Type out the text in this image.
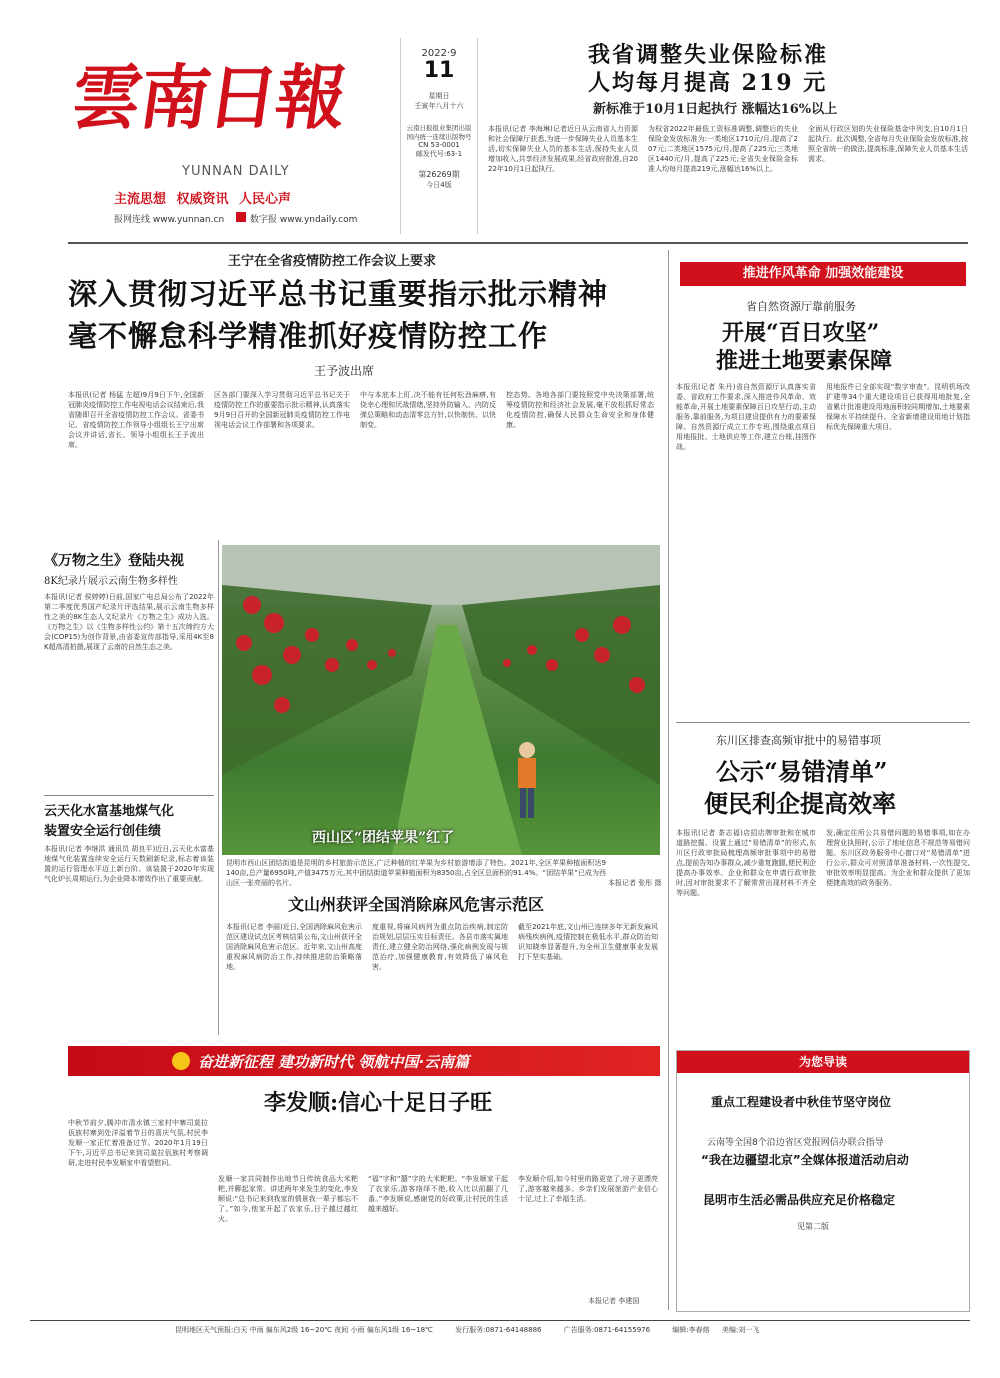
雲南日報
YUNNAN DAILY
主流思想 权威资讯 人民心声
报网连线 www.yunnan.cn	数字报 www.yndaily.com
2022·9
11
星期日
壬寅年八月十六
云南日报报业集团出版
国内统一连续出版物号
CN 53-0001
邮发代号:63-1
第26269期
今日4版
我省调整失业保险标准
人均每月提高 219 元
新标准于10月1日起执行 涨幅达16%以上
本报讯(记者 李海琳)记者近日从云南省人力资源和社会保障厅获悉,为进一步保障失业人员基本生活,切实保障失业人员的基本生活,保持失业人员增加收入,共享经济发展成果,经省政府批准,自2022年10月1日起执行。
为权省2022年最低工资标准调整,调整后的失业保险金发放标准为:一类地区1710元/月,提高了207元;二类地区1575元/月,提高了225元;三类地区1440元/月,提高了225元;全省失业保险金标准人均每月提高219元,涨幅达16%以上。
全面从行政区划的失业保险基金中列支,自10月1日起执行。此次调整,全省每月失业保险金发放标准,按照全省统一的做法,提高标准,保障失业人员基本生活需求。
王宁在全省疫情防控工作会议上要求
深入贯彻习近平总书记重要指示批示精神
毫不懈怠科学精准抓好疫情防控工作
王予波出席
本报讯(记者 杨猛 左超)9月9日下午,全国新冠肺炎疫情防控工作电视电话会议结束后,我省随即召开全省疫情防控工作会议。省委书记、省疫情防控工作领导小组组长王宁出席会议并讲话,省长、领导小组组长王予波出席。
区各部门要深入学习贯彻习近平总书记关于疫情防控工作的重要指示批示精神,认真落实9月9日召开的全国新冠肺炎疫情防控工作电视电话会议工作部署和各项要求。
中与本底本上盯,决不能有任何松劲麻痹,有侥幸心理和厌战情绪,坚持外防输入、内防反弹总策略和动态清零总方针,以快制快、以快制变。
控态势。各地各部门要按照党中央决策部署,统筹疫情防控和经济社会发展,毫不放松抓好常态化疫情防控,确保人民群众生命安全和身体健康。
推进作风革命 加强效能建设
省自然资源厅靠前服务
开展“百日攻坚”
推进土地要素保障
本报讯(记者 朱丹)省自然资源厅认真落实省委、省政府工作要求,深入推进作风革命、效能革命,开展土地要素保障百日攻坚行动,主动服务,靠前服务,为项目建设提供有力的要素保障。自然资源厅成立工作专班,围绕重点项目用地报批、土地供应等工作,建立台账,挂图作战。
用地报件已全部实现“数字审查”。昆明机场改扩建等34个重大建设项目已获得用地批复,全省累计批准建设用地面积较同期增加,土地要素保障水平持续提升。全省新增建设用地计划指标优先保障重大项目。
东川区排查高频审批中的易错事项
公示“易错清单”
便民利企提高效率
本报讯(记者 茶志福)店招店牌审批和在城市道路挖掘、设置上通过“易错清单”的形式,东川区行政审批局梳理高频审批事项中的易错点,提前告知办事群众,减少重复跑腿,便民利企提高办事效率。企业和群众在申请行政审批时,因对审批要求不了解常常出现材料不齐全等问题。
发,确定住所公共易错问题的易错事项,如在办理营业执照时,公示了地址信息不规范等易错问题。东川区政务服务中心窗口对“易错清单”进行公示,群众可对照清单准备材料,一次性提交,审批效率明显提高。为企业和群众提供了更加便捷高效的政务服务。
《万物之生》登陆央视
8K纪录片展示云南生物多样性
本报讯(记者 侯婷婷)日前,国家广电总局公布了2022年第二季度优秀国产纪录片评选结果,展示云南生物多样性之美的8K生态人文纪录片《万物之生》成功入选。《万物之生》以《生物多样性公约》第十五次缔约方大会(COP15)为创作背景,由省委宣传部指导,采用4K至8K超高清拍摄,展现了云南的自然生态之美。
云天化水富基地煤气化
装置安全运行创佳绩
本报讯(记者 李继洪 通讯员 胡良平)近日,云天化水富基地煤气化装置连续安全运行天数刷新纪录,标志着该装置的运行管理水平迈上新台阶。该装置于2020年实现气化炉长周期运行,为企业降本增效作出了重要贡献。
西山区“团结苹果”红了
昆明市西山区团结街道是昆明的乡村旅游示范区,广泛种植的红苹果为乡村旅游增添了特色。2021年,全区苹果种植面积达9140亩,总产量6950吨,产值3475万元,其中团结街道苹果种植面积为8350亩,占全区总面积的91.4%。“团结苹果”已成为西山区一张亮丽的名片。	本报记者 张彤 摄
文山州获评全国消除麻风危害示范区
本报讯(记者 李丽)近日,全国消除麻风危害示范区建设试点区考核结果公布,文山州获评全国消除麻风危害示范区。近年来,文山州高度重视麻风病防治工作,持续推进防治策略落地。
度重视,将麻风病列为重点防治疾病,制定防治规划,层层压实目标责任。各县市落实属地责任,建立健全防治网络,强化病例发现与规范治疗,加强健康教育,有效降低了麻风危害。
截至2021年底,文山州已连续多年无新发麻风病残疾病例,疫情控制在极低水平,群众防治知识知晓率显著提升,为全州卫生健康事业发展打下坚实基础。
奋进新征程 建功新时代 领航中国·云南篇
李发顺:信心十足日子旺
中秋节前夕,腾冲市清水镇三家村中寨司莫拉佤族村寨到处洋溢着节日的喜庆气氛,村民李发顺一家正忙着准备过节。2020年1月19日下午,习近平总书记来到司莫拉佤族村考察调研,走进村民李发顺家中看望慰问。
发顺一家共同制作出地节日传统食品大米粑粑,并聊起家常。讲述两年来发生的变化,李发顺说:“总书记来到我家的情景我一辈子都忘不了。”如今,他家开起了农家乐,日子越过越红火。
“福”字和“囍”字的大米粑粑。“李发顺家干起了农家乐,游客络绎不绝,收入比以前翻了几番。”李发顺说,感谢党的好政策,让村民的生活越来越好。
李发顺介绍,如今村里的路更宽了,房子更漂亮了,游客越来越多。乡亲们发展旅游产业信心十足,过上了幸福生活。
本报记者 李建国
为您导读
重点工程建设者中秋佳节坚守岗位
云南等全国8个沿边省区党报网信办联合指导
“我在边疆望北京”全媒体报道活动启动
昆明市生活必需品供应充足价格稳定
见第二版
昆明地区天气预报:白天 中雨 偏东风2级 16~20℃ 夜间 小雨 偏东风1级 16~18℃	发行服务:0871-64148886	广告服务:0871-64155976	编辑:李春熔 美编:刘一飞
